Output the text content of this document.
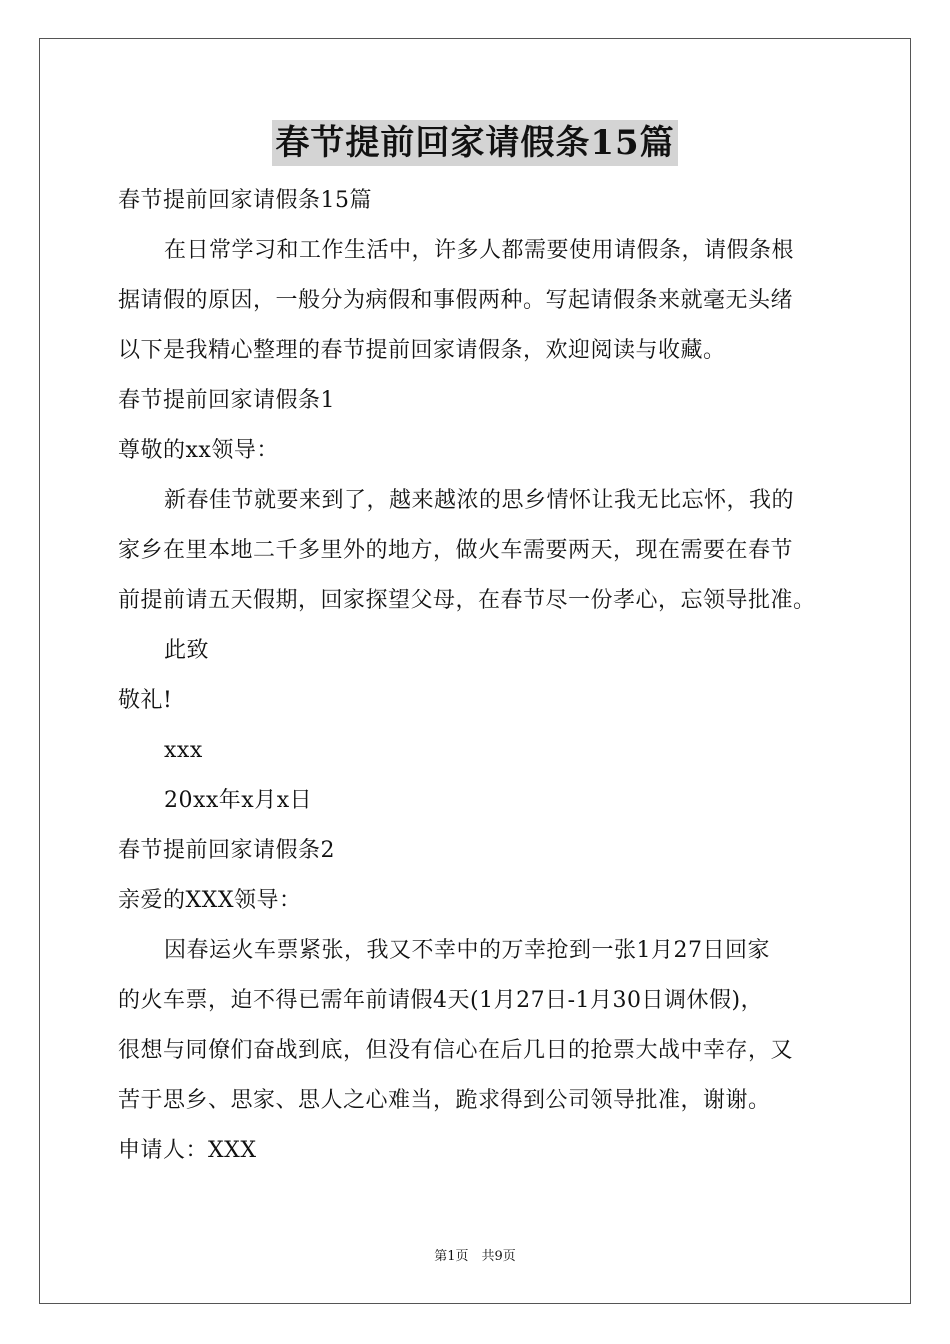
春节提前回家请假条15篇
春节提前回家请假条15篇
在日常学习和工作生活中，许多人都需要使用请假条，请假条根
据请假的原因，一般分为病假和事假两种。写起请假条来就毫无头绪
以下是我精心整理的春节提前回家请假条，欢迎阅读与收藏。
春节提前回家请假条1
尊敬的xx领导：
新春佳节就要来到了，越来越浓的思乡情怀让我无比忘怀，我的
家乡在里本地二千多里外的地方，做火车需要两天，现在需要在春节
前提前请五天假期，回家探望父母，在春节尽一份孝心，忘领导批准。
此致
敬礼!
xxx
20xx年x月x日
春节提前回家请假条2
亲爱的XXX领导：
因春运火车票紧张，我又不幸中的万幸抢到一张1月27日回家
的火车票，迫不得已需年前请假4天(1月27日-1月30日调休假)，
很想与同僚们奋战到底，但没有信心在后几日的抢票大战中幸存，又
苦于思乡、思家、思人之心难当，跪求得到公司领导批准，谢谢。
申请人：XXX
第1页　共9页
